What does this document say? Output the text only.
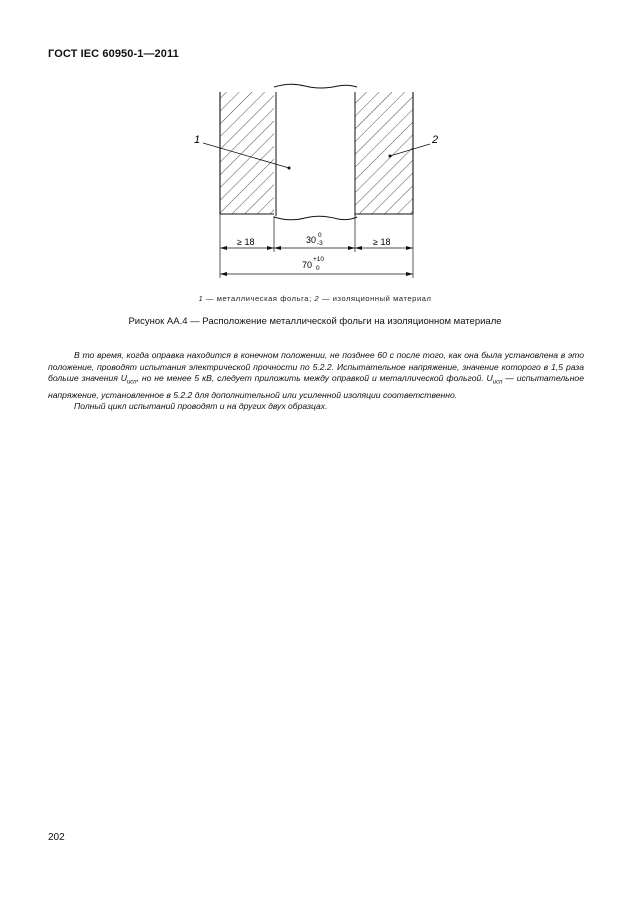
ГОСТ IEC 60950-1—2011
1	2
≥ 18	30 0
-3	≥ 18
70
+10
0
1 — металлическая фольга; 2 — изоляционный материал
Рисунок АА.4 — Расположение металлической фольги на изоляционном материале

В то время, когда оправка находится в конечном положении, не позднее 60 с после того, как она была установлена в это положение, проводят испытания электрической прочности по 5.2.2. Испытательное напряжение, значение которого в 1,5 раза больше значения $U_{исп}$, но не менее 5 кВ, следует приложить между оправкой и металлической фольгой. $U_{исп}$ — испытательное напряжение, установленное в 5.2.2 для дополнительной или усиленной изоляции соответственно.

Полный цикл испытаний проводят и на других двух образцах.

202
